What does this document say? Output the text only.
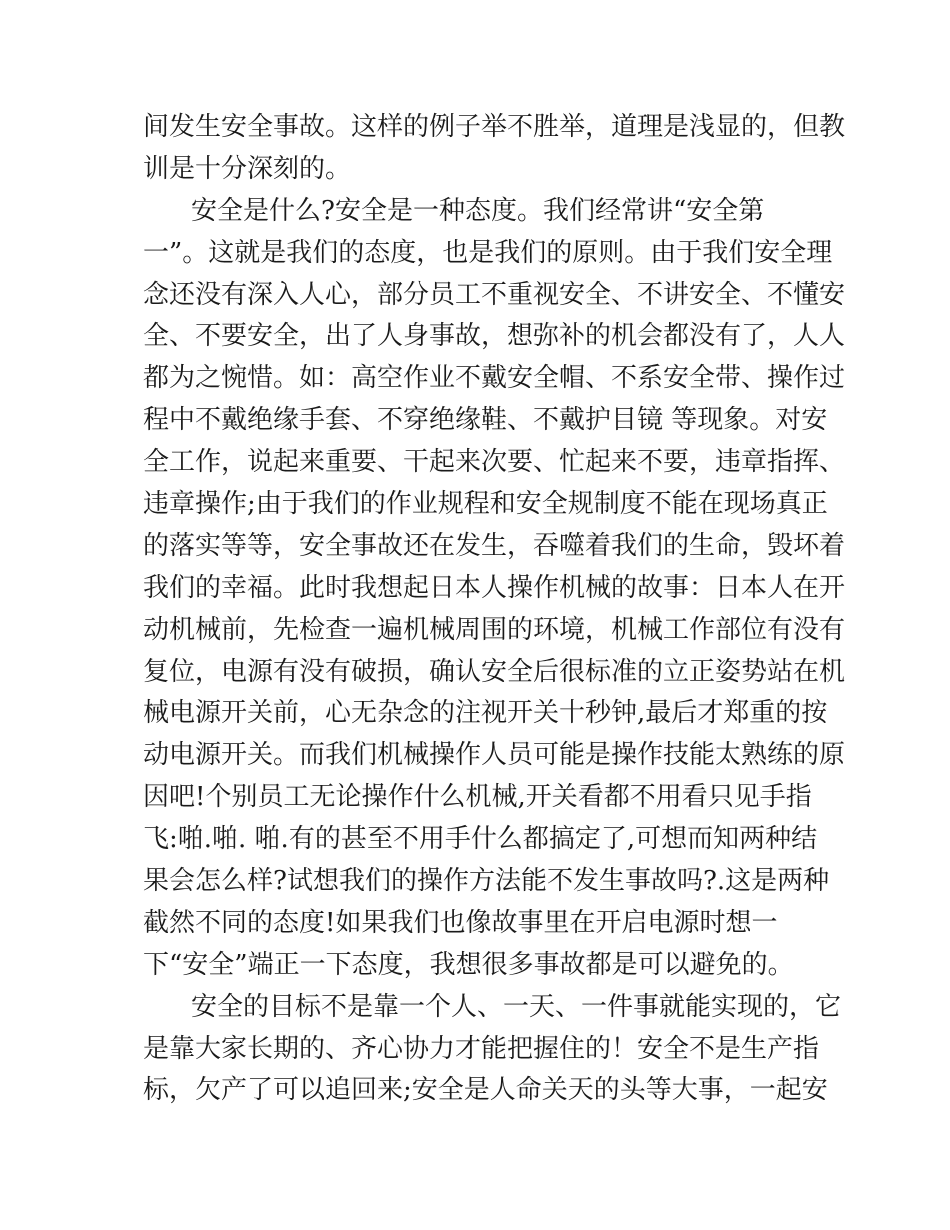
间发生安全事故。这样的例子举不胜举，道理是浅显的，但教
训是十分深刻的。
安全是什么?安全是一种态度。我们经常讲“安全第
一”。这就是我们的态度，也是我们的原则。由于我们安全理
念还没有深入人心，部分员工不重视安全、不讲安全、不懂安
全、不要安全，出了人身事故，想弥补的机会都没有了，人人
都为之惋惜。如：高空作业不戴安全帽、不系安全带、操作过
程中不戴绝缘手套、不穿绝缘鞋、不戴护目镜 等现象。对安
全工作，说起来重要、干起来次要、忙起来不要，违章指挥、
违章操作;由于我们的作业规程和安全规制度不能在现场真正
的落实等等，安全事故还在发生，吞噬着我们的生命，毁坏着
我们的幸福。此时我想起日本人操作机械的故事：日本人在开
动机械前，先检查一遍机械周围的环境，机械工作部位有没有
复位，电源有没有破损，确认安全后很标准的立正姿势站在机
械电源开关前，心无杂念的注视开关十秒钟,最后才郑重的按
动电源开关。而我们机械操作人员可能是操作技能太熟练的原
因吧!个别员工无论操作什么机械,开关看都不用看只见手指
飞:啪.啪. 啪.有的甚至不用手什么都搞定了,可想而知两种结
果会怎么样?试想我们的操作方法能不发生事故吗?.这是两种
截然不同的态度!如果我们也像故事里在开启电源时想一
下“安全”端正一下态度，我想很多事故都是可以避免的。
安全的目标不是靠一个人、一天、一件事就能实现的，它
是靠大家长期的、齐心协力才能把握住的！安全不是生产指
标，欠产了可以追回来;安全是人命关天的头等大事，一起安
